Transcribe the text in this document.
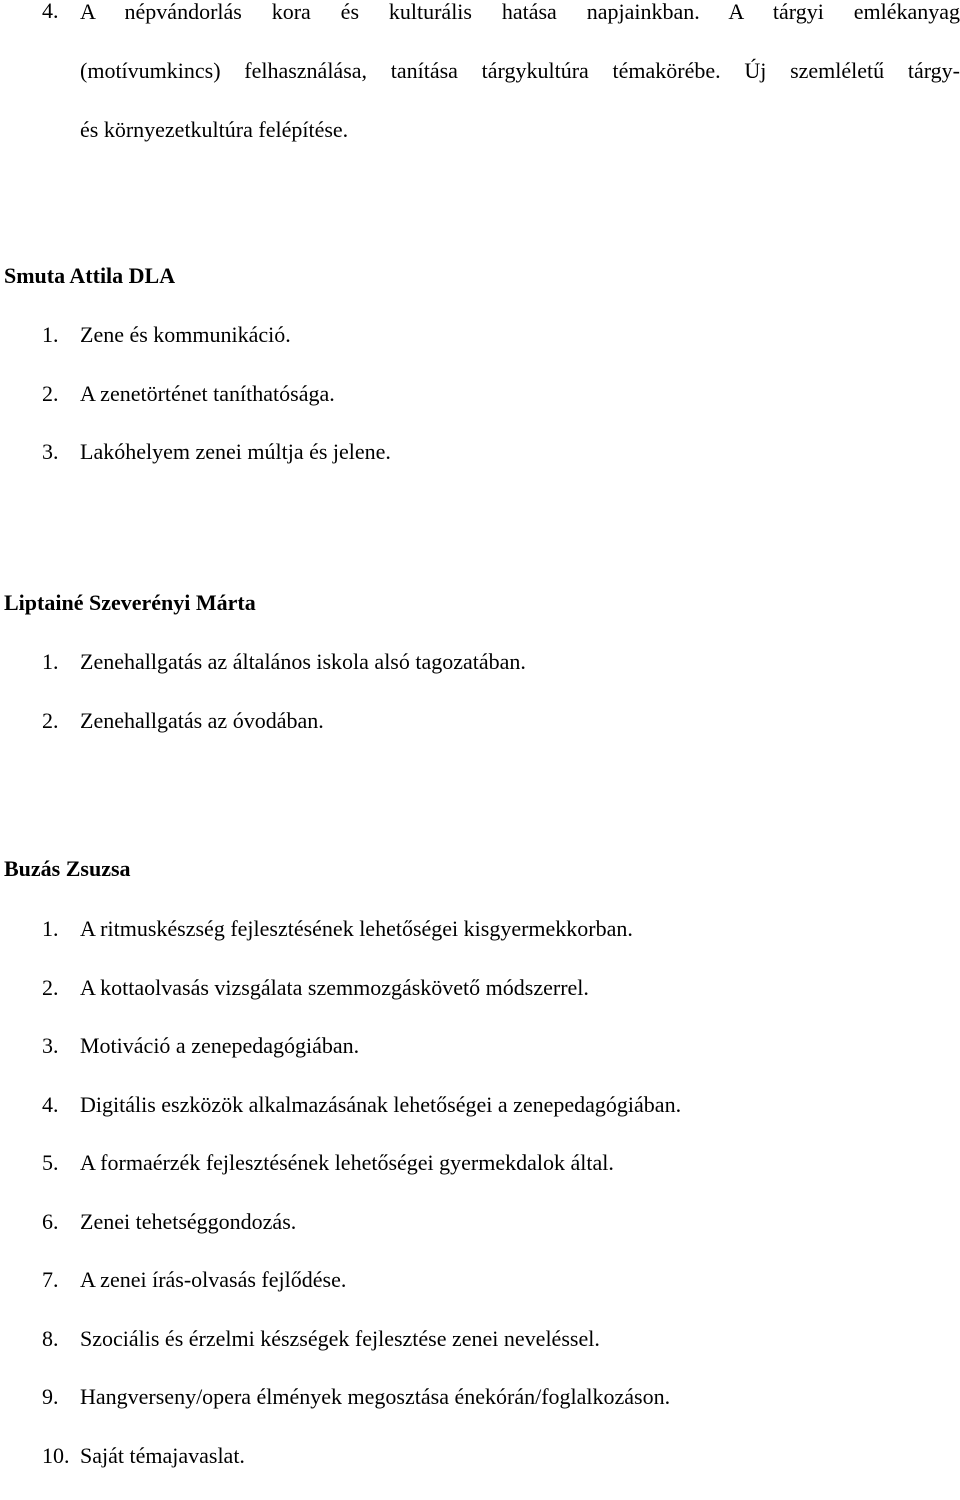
4. A népvándorlás kora és kulturális hatása napjainkban. A tárgyi emlékanyag
(motívumkincs) felhasználása, tanítása tárgykultúra témakörébe. Új szemléletű tárgy-
és környezetkultúra felépítése.
Smuta Attila DLA
1. Zene és kommunikáció.
2. A zenetörténet taníthatósága.
3. Lakóhelyem zenei múltja és jelene.
Liptainé Szeverényi Márta
1. Zenehallgatás az általános iskola alsó tagozatában.
2. Zenehallgatás az óvodában.
Buzás Zsuzsa
1. A ritmuskészség fejlesztésének lehetőségei kisgyermekkorban.
2. A kottaolvasás vizsgálata szemmozgáskövető módszerrel.
3. Motiváció a zenepedagógiában.
4. Digitális eszközök alkalmazásának lehetőségei a zenepedagógiában.
5. A formaérzék fejlesztésének lehetőségei gyermekdalok által.
6. Zenei tehetséggondozás.
7. A zenei írás-olvasás fejlődése.
8. Szociális és érzelmi készségek fejlesztése zenei neveléssel.
9. Hangverseny/opera élmények megosztása énekórán/foglalkozáson.
10. Saját témajavaslat.
